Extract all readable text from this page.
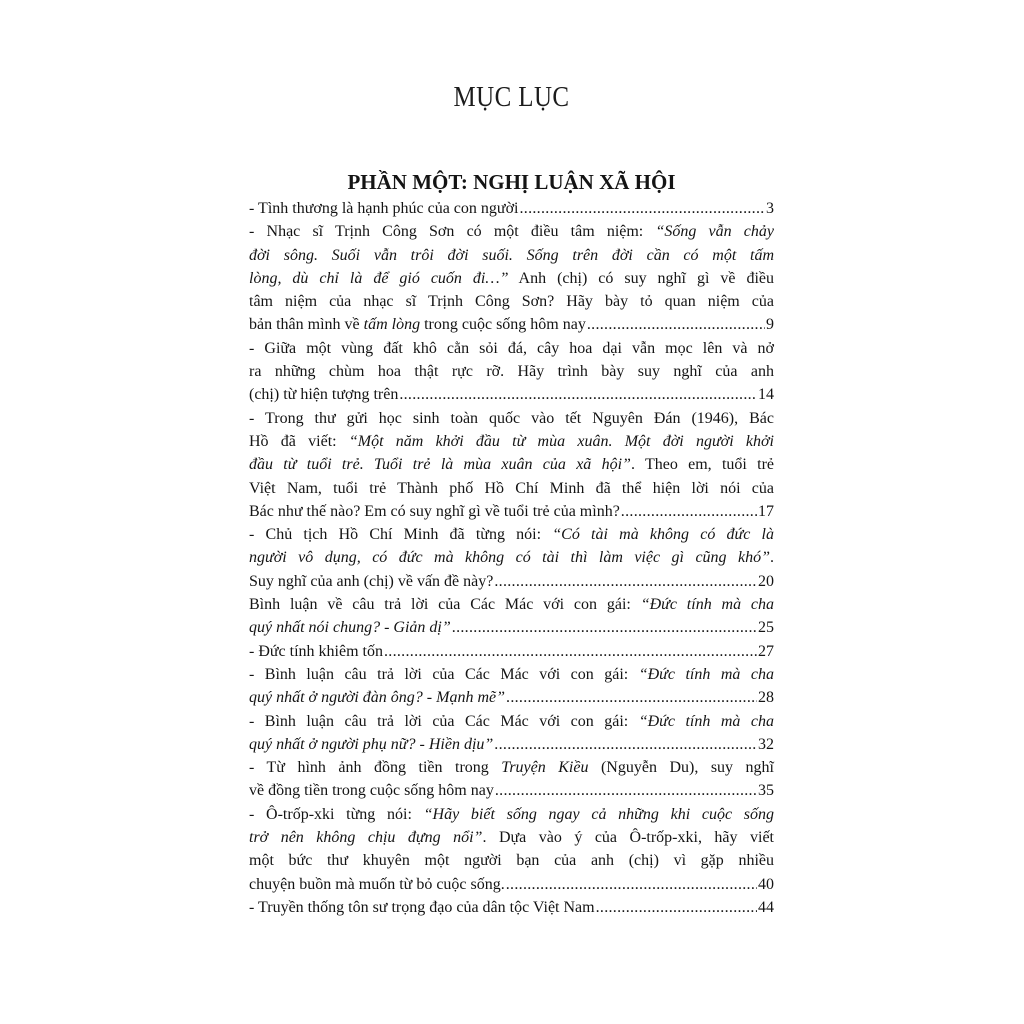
MỤC LỤC
PHẦN MỘT: NGHỊ LUẬN XÃ HỘI
- Tình thương là hạnh phúc của con người .....	3
- Nhạc sĩ Trịnh Công Sơn có một điều tâm niệm: “Sống vẫn chảy
đời sông. Suối vẫn trôi đời suối. Sống trên đời cần có một tấm
lòng, dù chỉ là để gió cuốn đi…” Anh (chị) có suy nghĩ gì về điều
tâm niệm của nhạc sĩ Trịnh Công Sơn? Hãy bày tỏ quan niệm của
bản thân mình về tấm lòng trong cuộc sống hôm nay .....	9
- Giữa một vùng đất khô cằn sỏi đá, cây hoa dại vẫn mọc lên và nở
ra những chùm hoa thật rực rỡ. Hãy trình bày suy nghĩ của anh
(chị) từ hiện tượng trên .....	14
- Trong thư gửi học sinh toàn quốc vào tết Nguyên Đán (1946), Bác
Hồ đã viết: “Một năm khởi đầu từ mùa xuân. Một đời người khởi
đầu từ tuổi trẻ. Tuổi trẻ là mùa xuân của xã hội”. Theo em, tuổi trẻ
Việt Nam, tuổi trẻ Thành phố Hồ Chí Minh đã thể hiện lời nói của
Bác như thế nào? Em có suy nghĩ gì về tuổi trẻ của mình? .....	17
- Chủ tịch Hồ Chí Minh đã từng nói: “Có tài mà không có đức là
người vô dụng, có đức mà không có tài thì làm việc gì cũng khó”.
Suy nghĩ của anh (chị) về vấn đề này? .....	20
Bình luận về câu trả lời của Các Mác với con gái: “Đức tính mà cha
quý nhất nói chung? - Giản dị” .....	25
- Đức tính khiêm tốn .....	27
- Bình luận câu trả lời của Các Mác với con gái: “Đức tính mà cha
quý nhất ở người đàn ông? - Mạnh mẽ” .....	28
- Bình luận câu trả lời của Các Mác với con gái: “Đức tính mà cha
quý nhất ở người phụ nữ? - Hiền dịu” .....	32
- Từ hình ảnh đồng tiền trong Truyện Kiều (Nguyễn Du), suy nghĩ
về đồng tiền trong cuộc sống hôm nay .....	35
- Ô-trốp-xki từng nói: “Hãy biết sống ngay cả những khi cuộc sống
trở nên không chịu đựng nổi”. Dựa vào ý của Ô-trốp-xki, hãy viết
một bức thư khuyên một người bạn của anh (chị) vì gặp nhiều
chuyện buồn mà muốn từ bỏ cuộc sống. .....	40
- Truyền thống tôn sư trọng đạo của dân tộc Việt Nam .....	44
